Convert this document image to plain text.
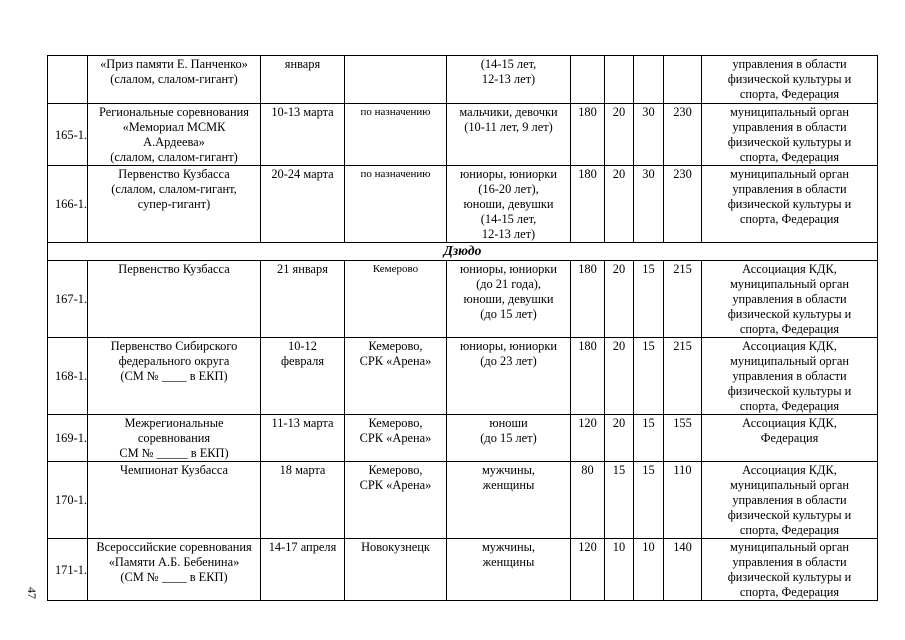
	«Приз памяти Е. Панченко»
(слалом, слалом-гигант)	января		(14-15 лет,
12-13 лет)					управления в области
физической культуры и
спорта, Федерация
165-1.	Региональные соревнования
«Мемориал МСМК
А.Ардеева»
(слалом, слалом-гигант)	10-13 марта	по назначению	мальчики, девочки
(10-11 лет, 9 лет)	180	20	30	230	муниципальный орган
управления в области
физической культуры и
спорта, Федерация
166-1.	Первенство Кузбасса
(слалом, слалом-гигант,
супер-гигант)	20-24 марта	по назначению	юниоры, юниорки
(16-20 лет),
юноши, девушки
(14-15 лет,
12-13 лет)	180	20	30	230	муниципальный орган
управления в области
физической культуры и
спорта, Федерация
Дзюдо									
167-1.	Первенство Кузбасса	21 января	Кемерово	юниоры, юниорки
(до 21 года),
юноши, девушки
(до 15 лет)	180	20	15	215	Ассоциация КДК,
муниципальный орган
управления в области
физической культуры и
спорта, Федерация
168-1.	Первенство Сибирского
федерального округа
(СМ № ____ в ЕКП)	10-12
февраля	Кемерово,
СРК «Арена»	юниоры, юниорки
(до 23 лет)	180	20	15	215	Ассоциация КДК,
муниципальный орган
управления в области
физической культуры и
спорта, Федерация
169-1.	Межрегиональные
соревнования
СМ № _____ в ЕКП)	11-13 марта	Кемерово,
СРК «Арена»	юноши
(до 15 лет)	120	20	15	155	Ассоциация КДК,
Федерация
170-1.	Чемпионат Кузбасса	18 марта	Кемерово,
СРК «Арена»	мужчины,
женщины	80	15	15	110	Ассоциация КДК,
муниципальный орган
управления в области
физической культуры и
спорта, Федерация
171-1.	Всероссийские соревнования
«Памяти А.Б. Бебенина»
(СМ № ____ в ЕКП)	14-17 апреля	Новокузнецк	мужчины,
женщины	120	10	10	140	муниципальный орган
управления в области
физической культуры и
спорта, Федерация
47
